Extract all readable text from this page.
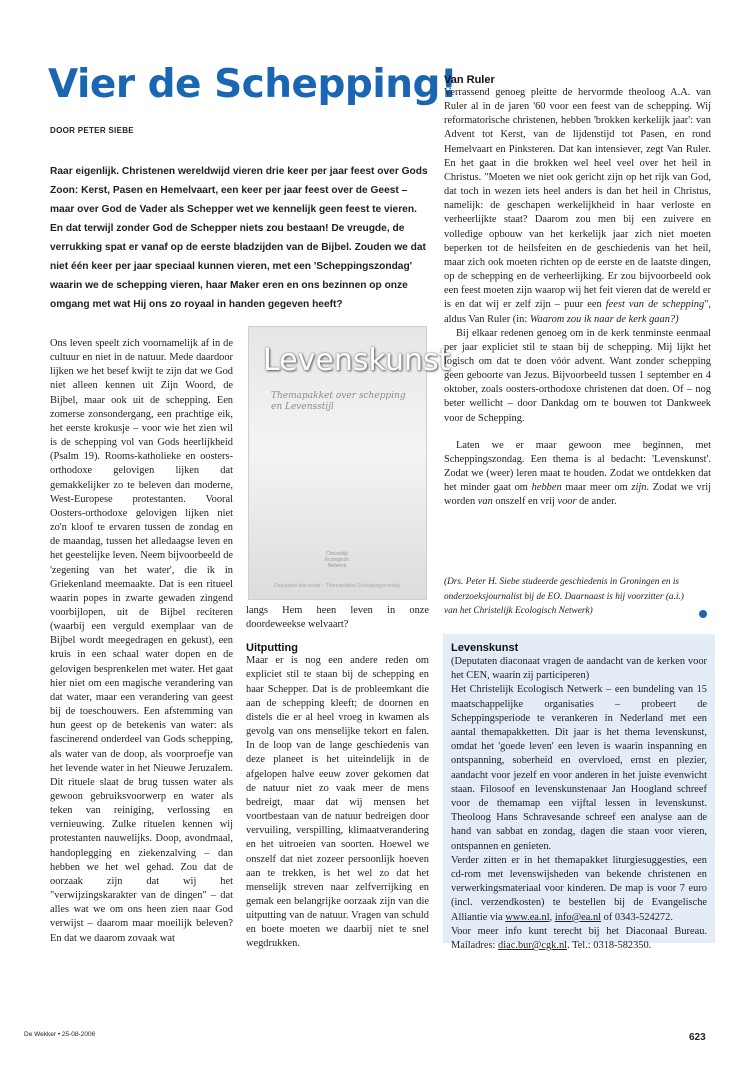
Vier de Schepping!
DOOR PETER SIEBE
Raar eigenlijk. Christenen wereldwijd vieren drie keer per jaar feest over Gods Zoon: Kerst, Pasen en Hemelvaart, een keer per jaar feest over de Geest – maar over God de Vader als Schepper wet we kennelijk geen feest te vieren. En dat terwijl zonder God de Schepper niets zou bestaan! De vreugde, de verrukking spat er vanaf op de eerste bladzijden van de Bijbel. Zouden we dat niet één keer per jaar speciaal kunnen vieren, met een 'Scheppingszondag' waarin we de schepping vieren, haar Maker eren en ons bezinnen op onze omgang met wat Hij ons zo royaal in handen gegeven heeft?

Ons leven speelt zich voornamelijk af in de cultuur en niet in de natuur. Mede daardoor lijken we het besef kwijt te zijn dat we God niet alleen kennen uit Zijn Woord, de Bijbel, maar ook uit de schepping. Een zomerse zonsondergang, een prachtige eik, het eerste krokusje – voor wie het zien wil is de schepping vol van Gods heerlijkheid (Psalm 19). Rooms-katholieke en oosters-orthodoxe gelovigen lijken dat gemakkelijker zo te beleven dan moderne, West-Europese protestanten. Vooral Oosters-orthodoxe gelovigen lijken niet zo'n kloof te ervaren tussen de zondag en de maandag, tussen het alledaagse leven en het geestelijke leven. Neem bijvoorbeeld de 'zegening van het water', die ik in Griekenland meemaakte. Dat is een ritueel waarin popes in zwarte gewaden zingend voorbijlopen, uit de Bijbel reciteren (waarbij een verguld exemplaar van de Bijbel wordt meegedragen en gekust), een kruis in een schaal water dopen en de gelovigen besprenkelen met water. Het gaat hier niet om een magische verandering van dat water, maar een verandering van geest bij de toeschouwers. Een afstemming van hun geest op de betekenis van water: als fascinerend onderdeel van Gods schepping, als water van de doop, als voorproefje van het levende water in het Nieuwe Jeruzalem. Dit rituele slaat de brug tussen water als gewoon gebruiksvoorwerp en water als teken van reiniging, verlossing en vernieuwing. Zulke rituelen kennen wij protestanten nauwelijks. Doop, avondmaal, handoplegging en ziekenzalving – dan hebben we het wel gehad. Zou dat de oorzaak zijn dat wij het "verwijzingskarakter van de dingen" – dat alles wat we om ons heen zien naar God verwijst – daarom maar moeilijk beleven? En dat we daarom zovaak wat

Levenskunst
Themapakket over schepping en Levensstijl
Christelijk Ecologisch Netwerk
Deputaten diaconaat – Themapakket Scheppingszondag

langs Hem heen leven in onze doordeweekse welvaart?

Uitputting

Maar er is nog een andere reden om expliciet stil te staan bij de schepping en haar Schepper. Dat is de probleemkant die aan de schepping kleeft; de doornen en distels die er al heel vroeg in kwamen als gevolg van ons menselijke tekort en falen. In de loop van de lange geschiedenis van deze planeet is het uiteindelijk in de afgelopen halve eeuw zover gekomen dat de natuur niet zo vaak meer de mens bedreigt, maar dat wij mensen het voortbestaan van de natuur bedreigen door vervuiling, verspilling, klimaatverandering en het uitroeien van soorten. Hoewel we onszelf dat niet zozeer persoonlijk hoeven aan te trekken, is het wel zo dat het menselijk streven naar zelfverrijking en gemak een belangrijke oorzaak zijn van die uitputting van de natuur. Vragen van schuld en boete moeten we daarbij niet te snel wegdrukken.

Van Ruler

Verrassend genoeg pleitte de hervormde theoloog A.A. van Ruler al in de jaren '60 voor een feest van de schepping. Wij reformatorische christenen, hebben 'brokken kerkelijk jaar': van Advent tot Kerst, van de lijdenstijd tot Pasen, en rond Hemelvaart en Pinksteren. Dat kan intensiever, zegt Van Ruler. En het gaat in die brokken wel heel veel over het heil in Christus. "Moeten we niet ook gericht zijn op het rijk van God, dat toch in wezen iets heel anders is dan het heil in Christus, namelijk: de geschapen werkelijkheid in haar verloste en verheerlijkte staat? Daarom zou men bij een zuivere en volledige opbouw van het kerkelijk jaar zich niet moeten beperken tot de heilsfeiten en de geschiedenis van het heil, maar zich ook moeten richten op de eerste en de laatste dingen, op de schepping en de verheerlijking. Er zou bijvoorbeeld ook een feest moeten zijn waarop wij het feit vieren dat de wereld er is en dat wij er zelf zijn – puur een feest van de schepping", aldus Van Ruler (in: Waarom zou ik naar de kerk gaan?)

Bij elkaar redenen genoeg om in de kerk tenminste eenmaal per jaar expliciet stil te staan bij de schepping. Mij lijkt het logisch om dat te doen vóór advent. Want zonder schepping geen geboorte van Jezus. Bijvoorbeeld tussen 1 september en 4 oktober, zoals oosters-orthodoxe christenen dat doen. Of – nog beter wellicht – door Dankdag om te bouwen tot Dankweek voor de Schepping.

Laten we er maar gewoon mee beginnen, met Scheppingszondag. Een thema is al bedacht: 'Levenskunst'. Zodat we (weer) leren maat te houden. Zodat we ontdekken dat het minder gaat om hebben maar meer om zijn. Zodat we vrij worden van onszelf en vrij voor de ander.

(Drs. Peter H. Siebe studeerde geschiedenis in Groningen en is onderzoeksjournalist bij de EO. Daarnaast is hij voorzitter (a.i.) van het Christelijk Ecologisch Netwerk)

Levenskunst

(Deputaten diaconaat vragen de aandacht van de kerken voor het CEN, waarin zij participeren)

Het Christelijk Ecologisch Netwerk – een bundeling van 15 maatschappelijke organisaties – probeert de Scheppingsperiode te verankeren in Nederland met een aantal themapakketten. Dit jaar is het thema levenskunst, omdat het 'goede leven' een leven is waarin inspanning en ontspanning, soberheid en overvloed, ernst en plezier, aandacht voor jezelf en voor anderen in het juiste evenwicht staan. Filosoof en levenskunstenaar Jan Hoogland schreef voor de themamap een vijftal lessen in levenskunst. Theoloog Hans Schravesande schreef een analyse aan de hand van sabbat en zondag, dagen die staan voor vieren, ontspannen en genieten.

Verder zitten er in het themapakket liturgiesuggesties, een cd-rom met levenswijsheden van bekende christenen en verwerkingsmateriaal voor kinderen. De map is voor 7 euro (incl. verzendkosten) te bestellen bij de Evangelische Alliantie via www.ea.nl, info@ea.nl of 0343-524272.

Voor meer info kunt terecht bij het Diaconaal Bureau. Mailadres: diac.bur@cgk.nl. Tel.: 0318-582350.

De Wekker • 25-08-2006	623
